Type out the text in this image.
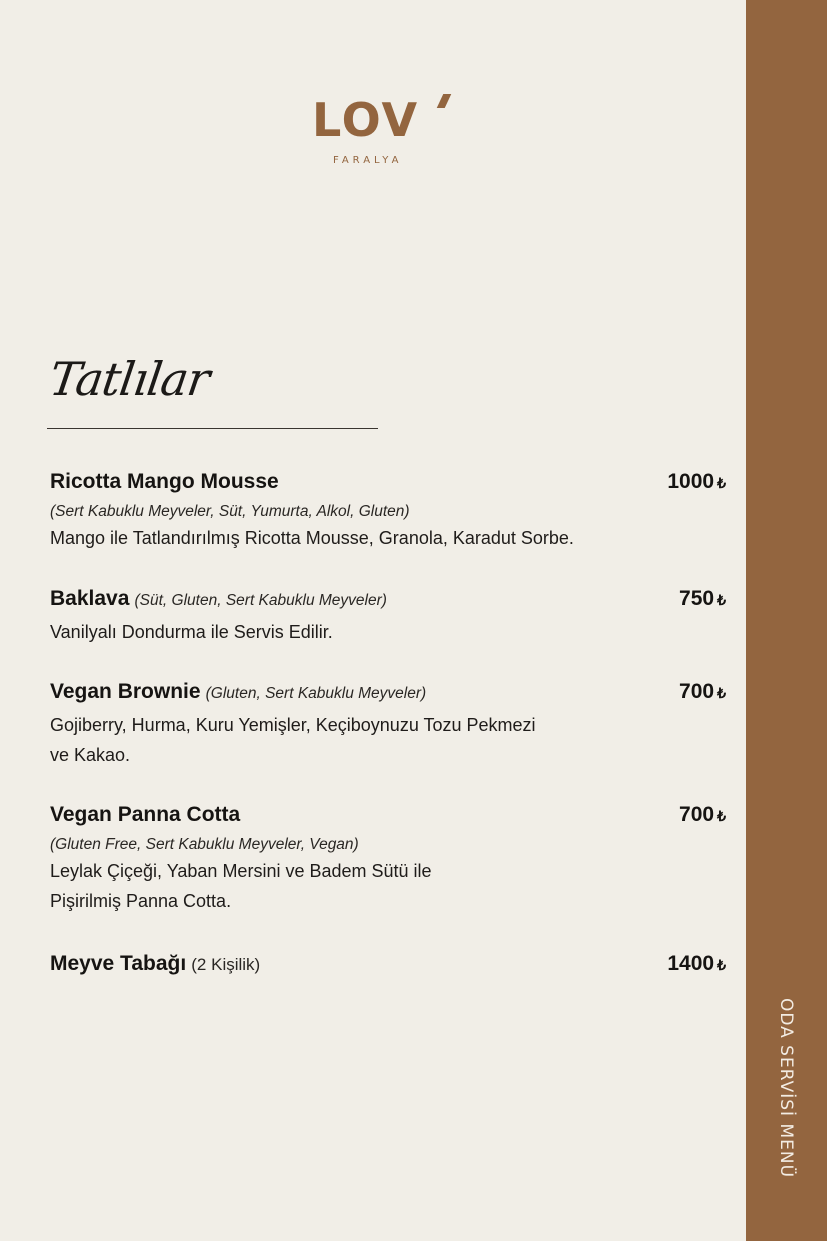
ODA SERVİSİ MENÜ
LOV
FARALYA
Tatlılar
Ricotta Mango Mousse	1000 ₺
(Sert Kabuklu Meyveler, Süt, Yumurta, Alkol, Gluten)
Mango ile Tatlandırılmış Ricotta Mousse, Granola, Karadut Sorbe.
Baklava (Süt, Gluten, Sert Kabuklu Meyveler)	750 ₺
Vanilyalı Dondurma ile Servis Edilir.
Vegan Brownie (Gluten, Sert Kabuklu Meyveler)	700 ₺
Gojiberry, Hurma, Kuru Yemişler, Keçiboynuzu Tozu Pekmezi
ve Kakao.
Vegan Panna Cotta	700 ₺
(Gluten Free, Sert Kabuklu Meyveler, Vegan)
Leylak Çiçeği, Yaban Mersini ve Badem Sütü ile
Pişirilmiş Panna Cotta.
Meyve Tabağı (2 Kişilik)	1400 ₺
